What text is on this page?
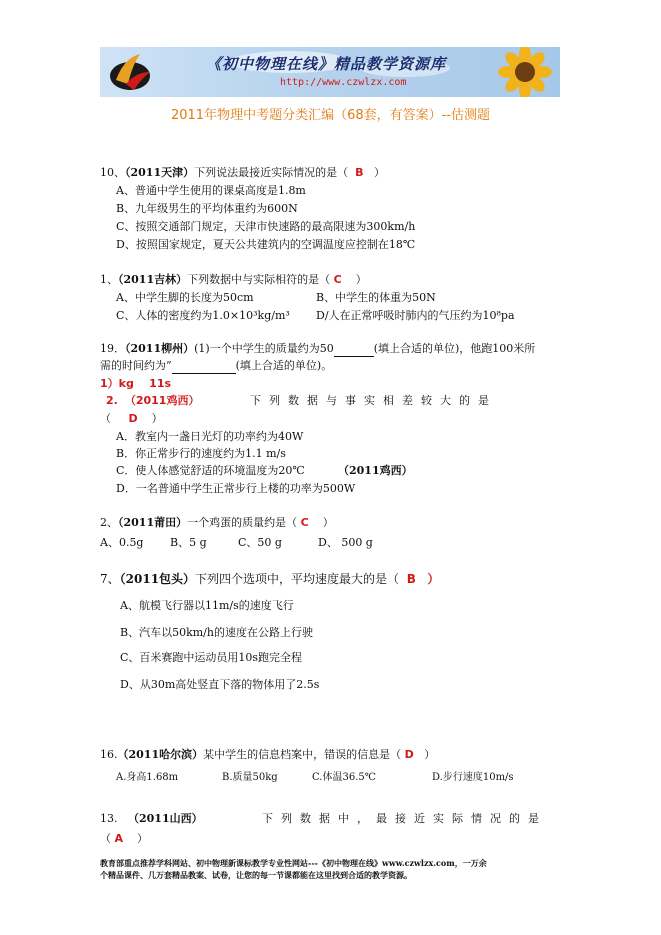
《初中物理在线》精品教学资源库
http://www.czwlzx.com
2011年物理中考题分类汇编（68套，有答案）--估测题
10、（2011天津）下列说法最接近实际情况的是（ B ）
A、普通中学生使用的课桌高度是1.8m
B、九年级男生的平均体重约为600N
C、按照交通部门规定，天津市快速路的最高限速为300km/h
D、按照国家规定，夏天公共建筑内的空调温度应控制在18℃
1、（2011吉林）下列数据中与实际相符的是（ C ）
A、中学生脚的长度为50cm	B、中学生的体重为50N
C、人体的密度约为1.0×10³kg/m³ D/人在正常呼吸时肺内的气压约为10⁸pa
19．（2011柳州）(1)一个中学生的质量约为50	(填上合适的单位)，他跑100米所
需的时间约为”	(填上合适的单位)。
1）kg    11s
2. （2011鸡西）	下列数据与事实相差较大的是
（ D ）
A．教室内一盏日光灯的功率约为40W
B．你正常步行的速度约为1.1 m/s
C．使人体感觉舒适的环境温度为20℃	（2011鸡西）
D．一名普通中学生正常步行上楼的功率为500W
2、（2011莆田）一个鸡蛋的质量约是（ C ）
A、0.5g B、5 g	C、50 g	D、 500 g
7、（2011包头）下列四个选项中，平均速度最大的是（ B ）
A、航模飞行器以11m/s的速度飞行
B、汽车以50km/h的速度在公路上行驶
C、百米赛跑中运动员用10s跑完全程
D、从30m高处竖直下落的物体用了2.5s
16.（2011哈尔滨）某中学生的信息档案中，错误的信息是（ D ）
A.身高1.68m	B.质量50kg	C.体温36.5℃	D.步行速度10m/s
13. （2011山西）	下列数据中，最接近实际情况的是
（ A ）
教育部重点推荐学科网站、初中物理新课标教学专业性网站---《初中物理在线》www.czwlzx.com，一万余
个精品课件、几万套精品教案、试卷，让您的每一节课都能在这里找到合适的教学资源。
